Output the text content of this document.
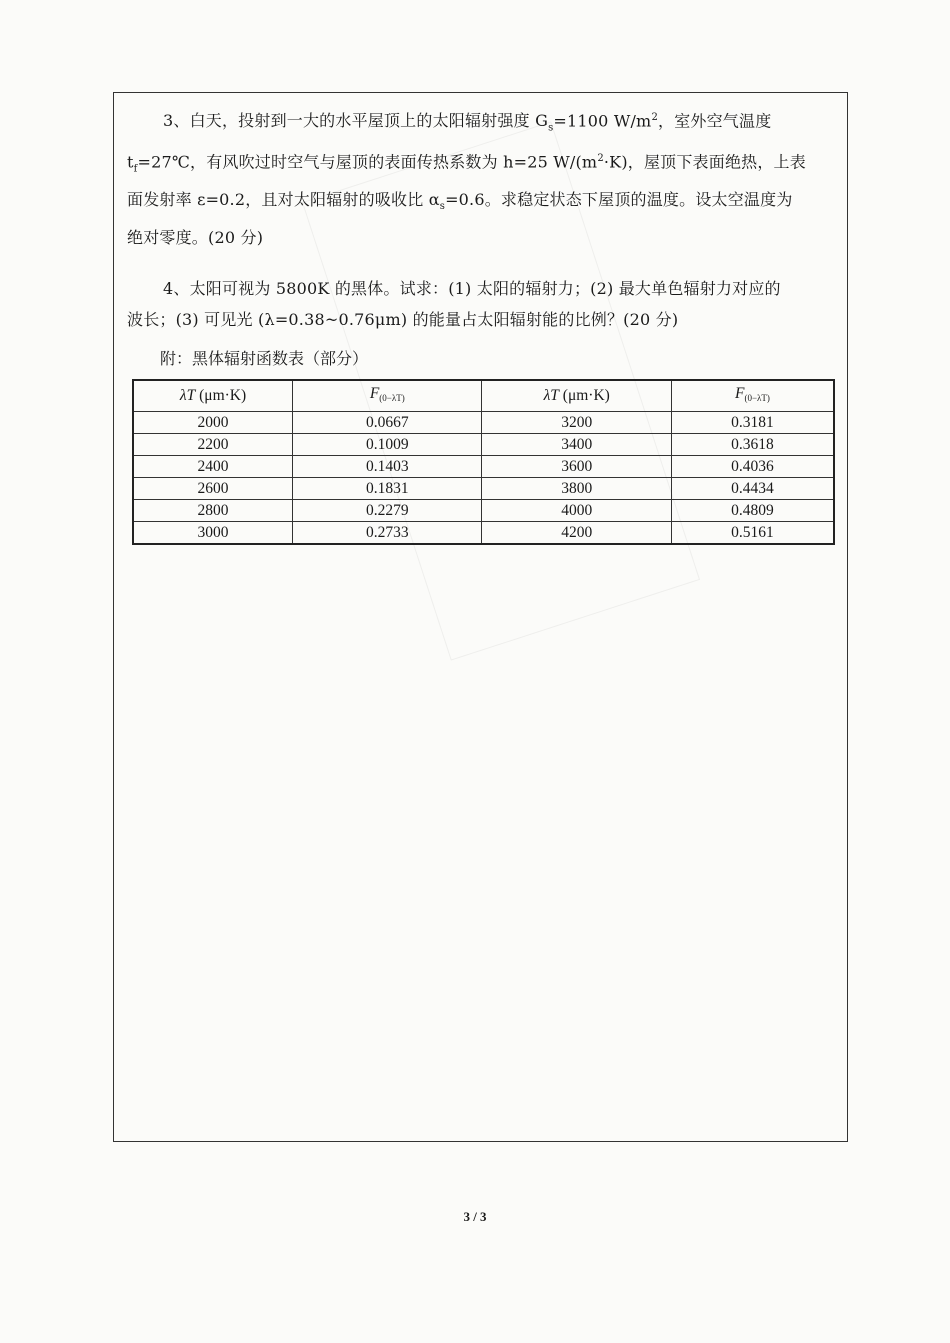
3、白天，投射到一大的水平屋顶上的太阳辐射强度 $G_s=1100$ $W/m^2$，室外空气温度
$t_f=27℃$，有风吹过时空气与屋顶的表面传热系数为 h=25 $W/(m^2\cdot K)$，屋顶下表面绝热，上表
面发射率 ε=0.2，且对太阳辐射的吸收比 $\alpha_s=0.6$。求稳定状态下屋顶的温度。设太空温度为
绝对零度。(20 分)
4、太阳可视为 5800K 的黑体。试求：(1) 太阳的辐射力；(2) 最大单色辐射力对应的
波长；(3) 可见光 (λ=0.38~0.76μm) 的能量占太阳辐射能的比例？(20 分)
附：黑体辐射函数表（部分）
λT (μm·K)	F(0−λT)	λT (μm·K)	F(0−λT)
2000	0.0667	3200	0.3181
2200	0.1009	3400	0.3618
2400	0.1403	3600	0.4036
2600	0.1831	3800	0.4434
2800	0.2279	4000	0.4809
3000	0.2733	4200	0.5161
3 / 3
